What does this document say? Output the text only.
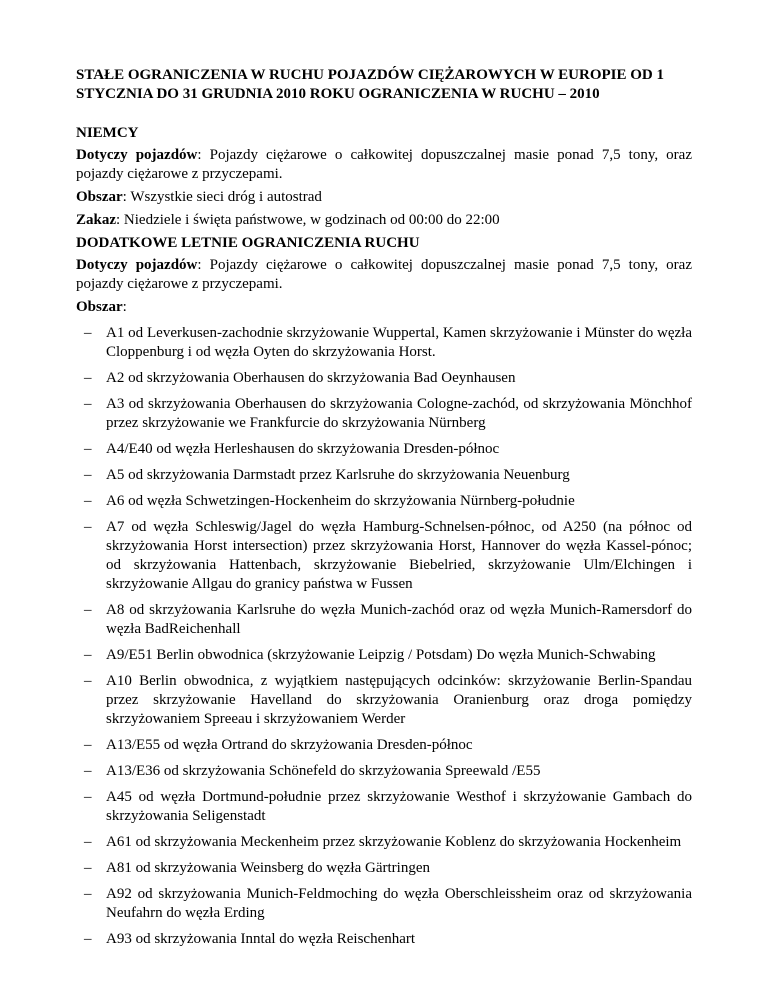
STAŁE OGRANICZENIA W RUCHU POJAZDÓW CIĘŻAROWYCH W EUROPIE OD 1 STYCZNIA DO 31 GRUDNIA 2010 ROKU OGRANICZENIA W RUCHU – 2010
NIEMCY
Dotyczy pojazdów: Pojazdy ciężarowe o całkowitej dopuszczalnej masie ponad 7,5 tony, oraz pojazdy ciężarowe z przyczepami.
Obszar: Wszystkie sieci dróg i autostrad
Zakaz: Niedziele i święta państwowe, w godzinach od 00:00 do 22:00
DODATKOWE LETNIE OGRANICZENIA RUCHU
Dotyczy pojazdów: Pojazdy ciężarowe o całkowitej dopuszczalnej masie ponad 7,5 tony, oraz pojazdy ciężarowe z przyczepami.
Obszar:
– A1 od Leverkusen-zachodnie skrzyżowanie Wuppertal, Kamen skrzyżowanie i Münster do węzła Cloppenburg i od węzła Oyten do skrzyżowania Horst.
– A2 od skrzyżowania Oberhausen do skrzyżowania Bad Oeynhausen
– A3 od skrzyżowania Oberhausen do skrzyżowania Cologne-zachód, od skrzyżowania Mönchhof przez skrzyżowanie we Frankfurcie do skrzyżowania Nürnberg
– A4/E40 od węzła Herleshausen do skrzyżowania Dresden-północ
– A5 od skrzyżowania Darmstadt przez Karlsruhe do skrzyżowania Neuenburg
– A6 od węzła Schwetzingen-Hockenheim do skrzyżowania Nürnberg-południe
– A7 od węzła Schleswig/Jagel do węzła Hamburg-Schnelsen-północ, od A250 (na północ od skrzyżowania Horst intersection) przez skrzyżowania Horst, Hannover do węzła Kassel-pónoc; od skrzyżowania Hattenbach, skrzyżowanie Biebelried, skrzyżowanie Ulm/Elchingen i skrzyżowanie Allgau do granicy państwa w Fussen
– A8 od skrzyżowania Karlsruhe do węzła Munich-zachód oraz od węzła Munich-Ramersdorf do węzła BadReichenhall
– A9/E51 Berlin obwodnica (skrzyżowanie Leipzig / Potsdam) Do węzła Munich-Schwabing
– A10 Berlin obwodnica, z wyjątkiem następujących odcinków: skrzyżowanie Berlin-Spandau przez skrzyżowanie Havelland do skrzyżowania Oranienburg oraz droga pomiędzy skrzyżowaniem Spreeau i skrzyżowaniem Werder
– A13/E55 od węzła Ortrand do skrzyżowania Dresden-północ
– A13/E36 od skrzyżowania Schönefeld do skrzyżowania Spreewald /E55
– A45 od węzła Dortmund-południe przez skrzyżowanie Westhof i skrzyżowanie Gambach do skrzyżowania Seligenstadt
– A61 od skrzyżowania Meckenheim przez skrzyżowanie Koblenz do skrzyżowania Hockenheim
– A81 od skrzyżowania Weinsberg do węzła Gärtringen
– A92 od skrzyżowania Munich-Feldmoching do węzła Oberschleissheim oraz od skrzyżowania Neufahrn do węzła Erding
– A93 od skrzyżowania Inntal do węzła Reischenhart
